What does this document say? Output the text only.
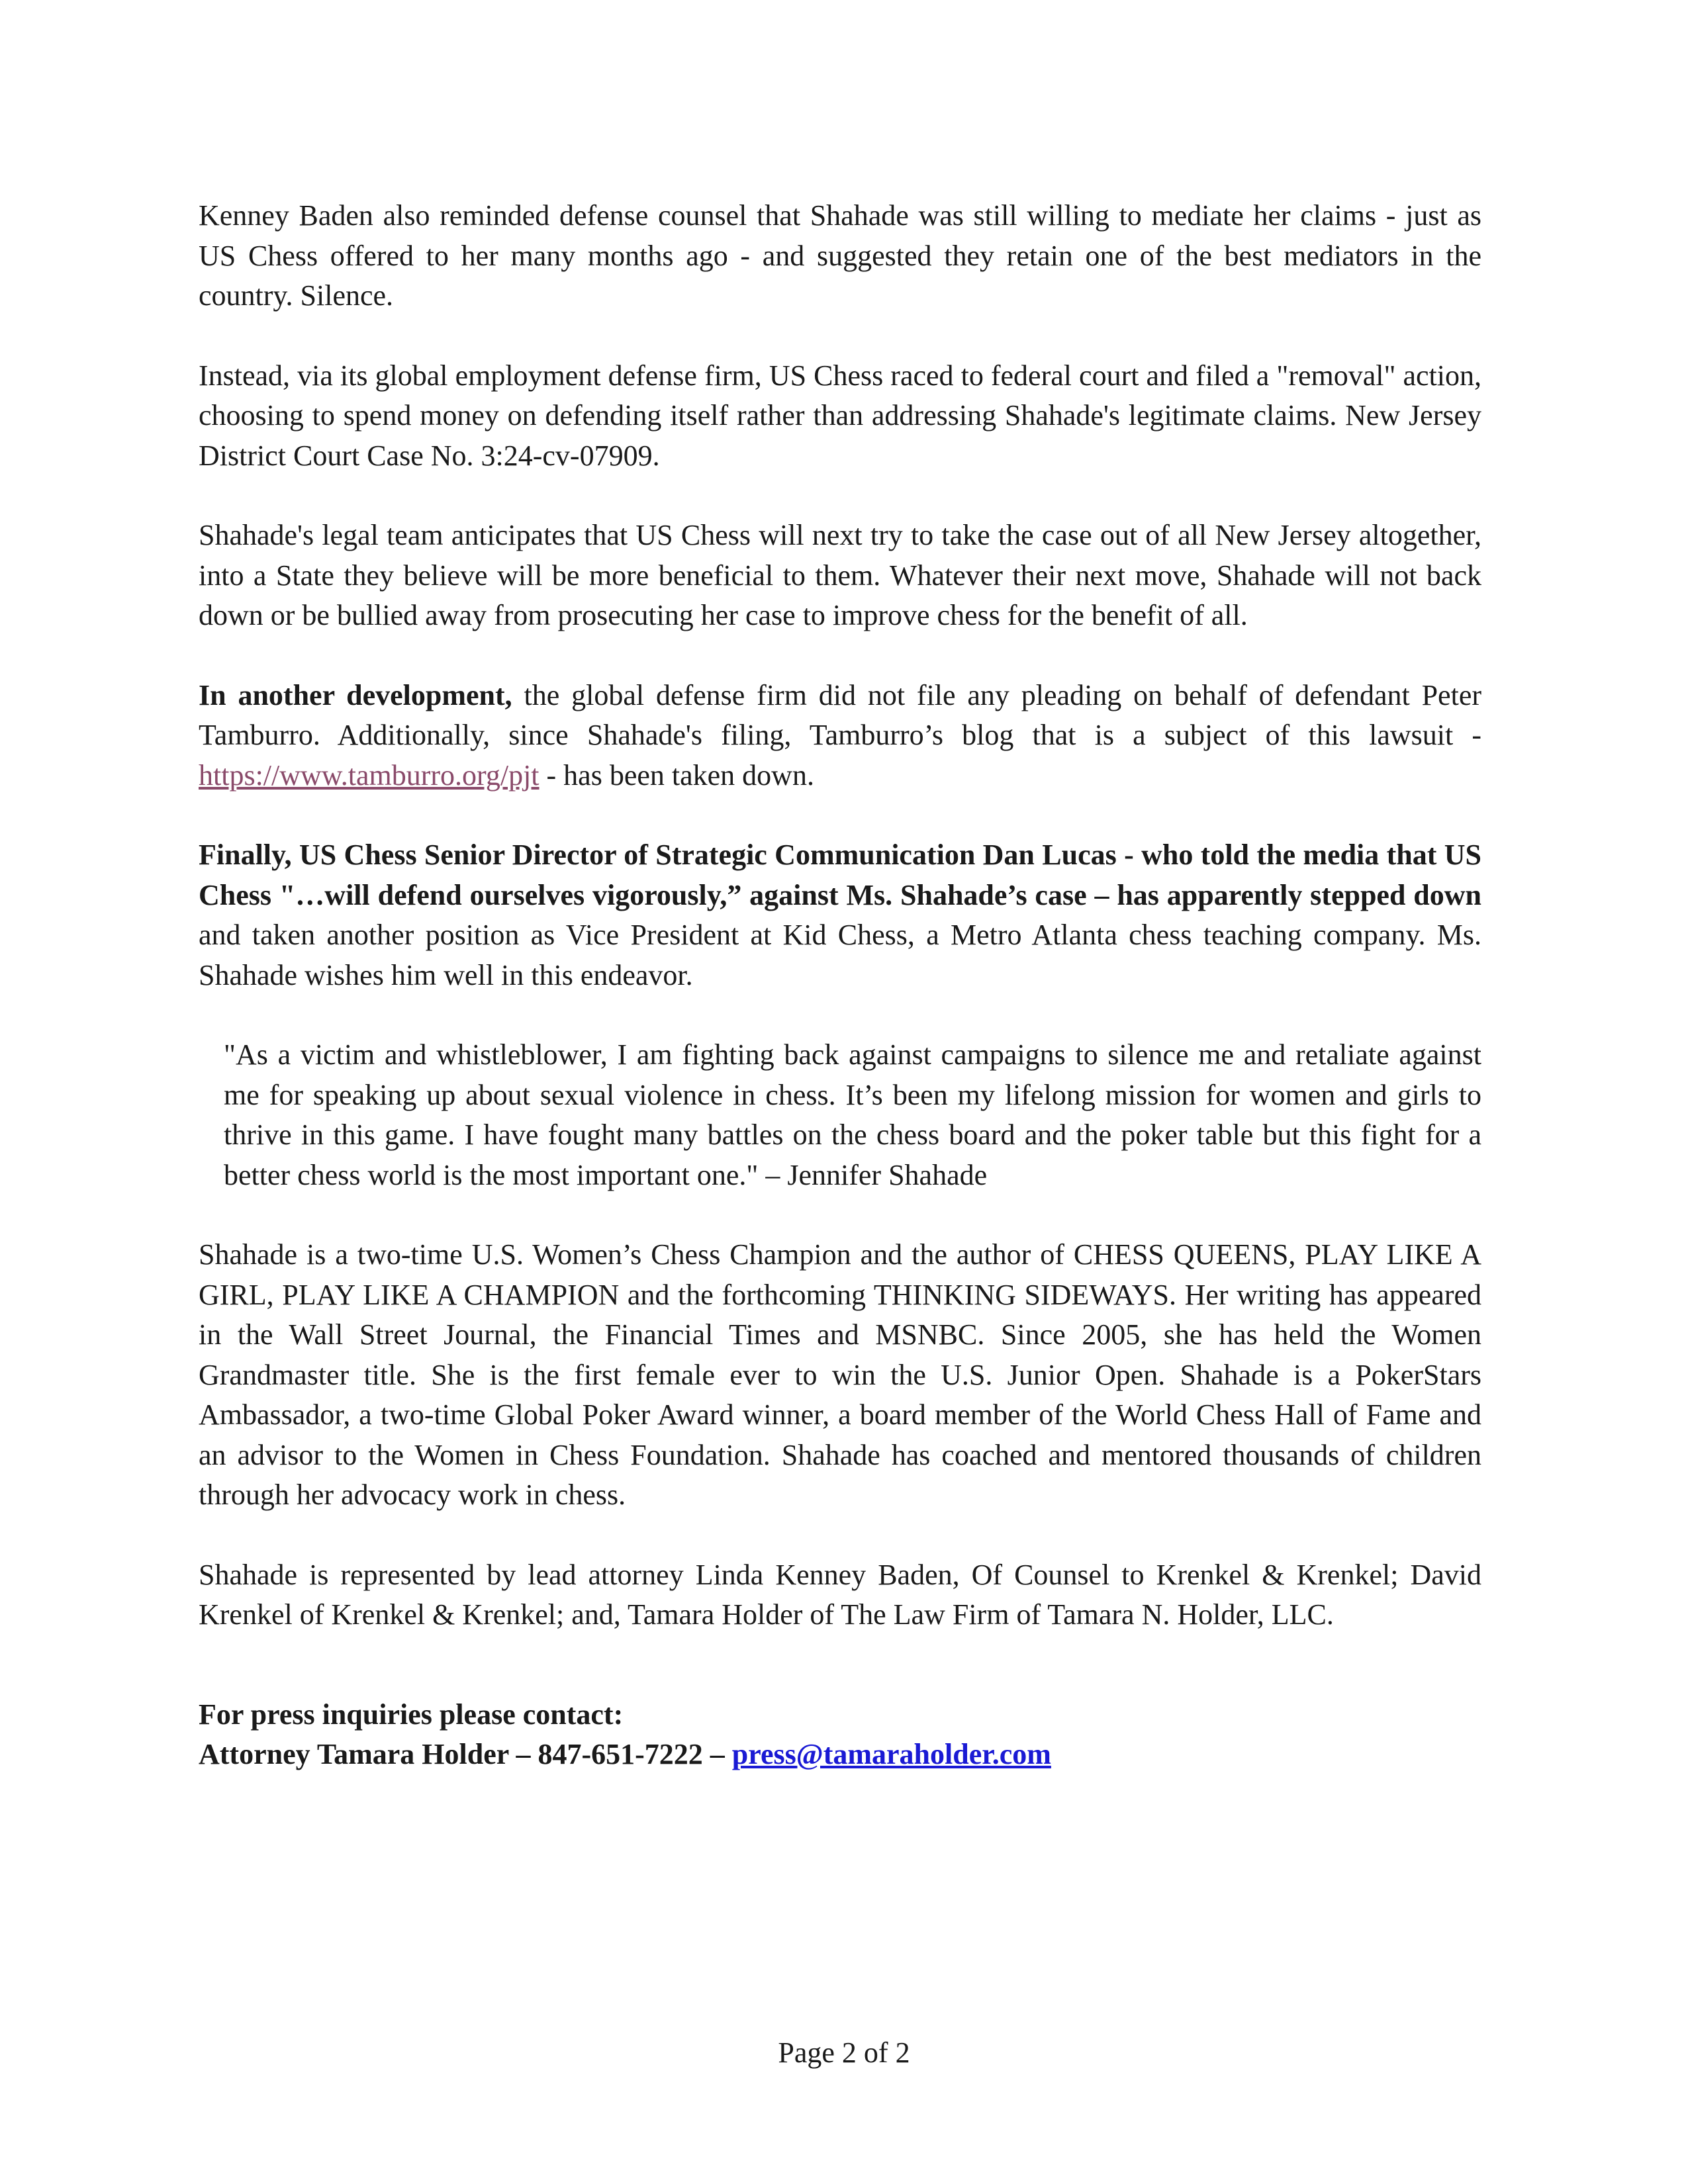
Kenney Baden also reminded defense counsel that Shahade was still willing to mediate her claims - just as US Chess offered to her many months ago - and suggested they retain one of the best mediators in the country. Silence.

Instead, via its global employment defense firm, US Chess raced to federal court and filed a "removal" action, choosing to spend money on defending itself rather than addressing Shahade's legitimate claims. New Jersey District Court Case No. 3:24-cv-07909.

Shahade's legal team anticipates that US Chess will next try to take the case out of all New Jersey altogether, into a State they believe will be more beneficial to them. Whatever their next move, Shahade will not back down or be bullied away from prosecuting her case to improve chess for the benefit of all.

In another development, the global defense firm did not file any pleading on behalf of defendant Peter Tamburro. Additionally, since Shahade's filing, Tamburro’s blog that is a subject of this lawsuit - https://www.tamburro.org/pjt - has been taken down.

Finally, US Chess Senior Director of Strategic Communication Dan Lucas - who told the media that US Chess "…will defend ourselves vigorously,” against Ms. Shahade’s case – has apparently stepped down and taken another position as Vice President at Kid Chess, a Metro Atlanta chess teaching company. Ms. Shahade wishes him well in this endeavor.

"As a victim and whistleblower, I am fighting back against campaigns to silence me and retaliate against me for speaking up about sexual violence in chess. It’s been my lifelong mission for women and girls to thrive in this game. I have fought many battles on the chess board and the poker table but this fight for a better chess world is the most important one." – Jennifer Shahade

Shahade is a two-time U.S. Women’s Chess Champion and the author of CHESS QUEENS, PLAY LIKE A GIRL, PLAY LIKE A CHAMPION and the forthcoming THINKING SIDEWAYS. Her writing has appeared in the Wall Street Journal, the Financial Times and MSNBC. Since 2005, she has held the Women Grandmaster title. She is the first female ever to win the U.S. Junior Open. Shahade is a PokerStars Ambassador, a two-time Global Poker Award winner, a board member of the World Chess Hall of Fame and an advisor to the Women in Chess Foundation. Shahade has coached and mentored thousands of children through her advocacy work in chess.

Shahade is represented by lead attorney Linda Kenney Baden, Of Counsel to Krenkel & Krenkel; David Krenkel of Krenkel & Krenkel; and, Tamara Holder of The Law Firm of Tamara N. Holder, LLC.

For press inquiries please contact:
Attorney Tamara Holder – 847-651-7222 – press@tamaraholder.com
Page 2 of 2
